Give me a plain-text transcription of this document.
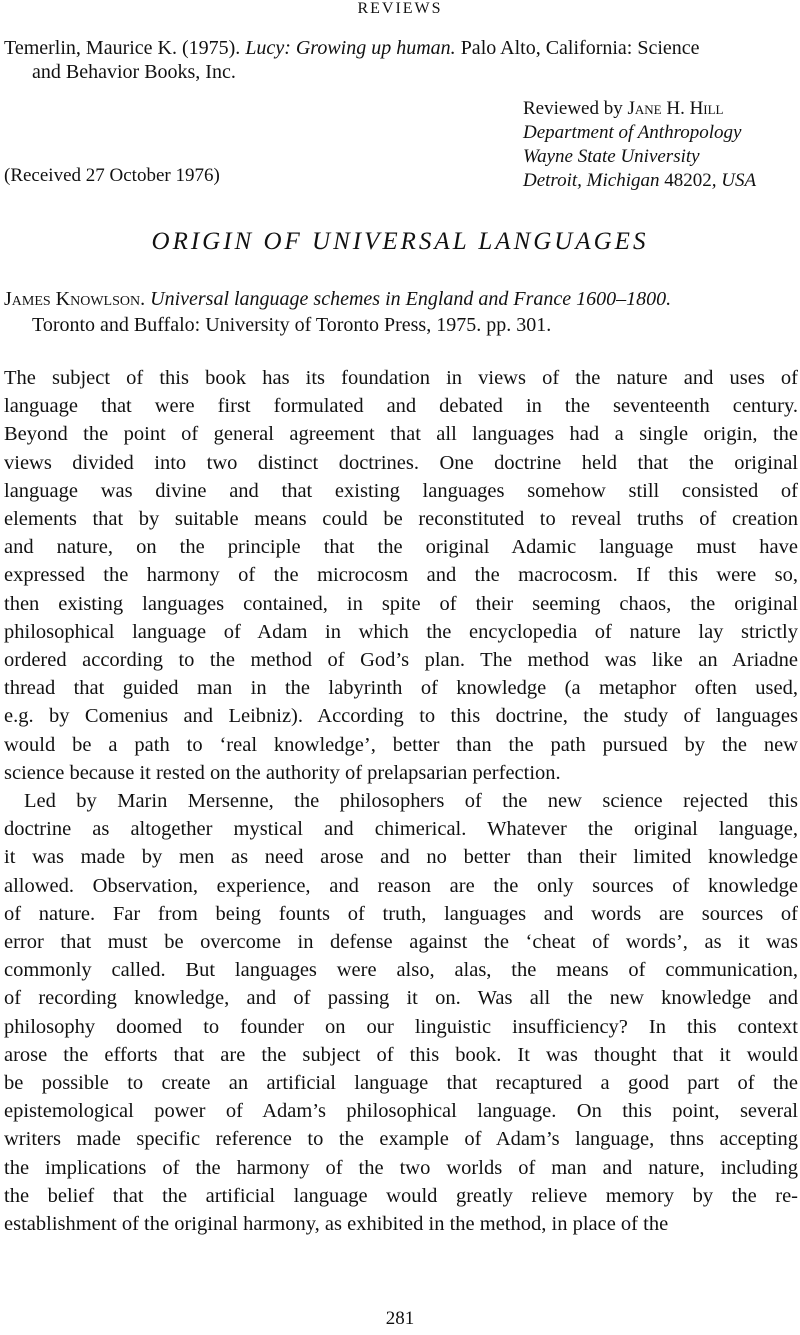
REVIEWS
Temerlin, Maurice K. (1975). Lucy: Growing up human. Palo Alto, California: Science
and Behavior Books, Inc.
Reviewed by Jane H. Hill
Department of Anthropology
Wayne State University
Detroit, Michigan 48202, USA
(Received 27 October 1976)
ORIGIN OF UNIVERSAL LANGUAGES
James Knowlson. Universal language schemes in England and France 1600–1800.
Toronto and Buffalo: University of Toronto Press, 1975. pp. 301.
The subject of this book has its foundation in views of the nature and uses of
language that were first formulated and debated in the seventeenth century.
Beyond the point of general agreement that all languages had a single origin, the
views divided into two distinct doctrines. One doctrine held that the original
language was divine and that existing languages somehow still consisted of
elements that by suitable means could be reconstituted to reveal truths of creation
and nature, on the principle that the original Adamic language must have
expressed the harmony of the microcosm and the macrocosm. If this were so,
then existing languages contained, in spite of their seeming chaos, the original
philosophical language of Adam in which the encyclopedia of nature lay strictly
ordered according to the method of God’s plan. The method was like an Ariadne
thread that guided man in the labyrinth of knowledge (a metaphor often used,
e.g. by Comenius and Leibniz). According to this doctrine, the study of languages
would be a path to ‘real knowledge’, better than the path pursued by the new
science because it rested on the authority of prelapsarian perfection.
Led by Marin Mersenne, the philosophers of the new science rejected this
doctrine as altogether mystical and chimerical. Whatever the original language,
it was made by men as need arose and no better than their limited knowledge
allowed. Observation, experience, and reason are the only sources of knowledge
of nature. Far from being founts of truth, languages and words are sources of
error that must be overcome in defense against the ‘cheat of words’, as it was
commonly called. But languages were also, alas, the means of communication,
of recording knowledge, and of passing it on. Was all the new knowledge and
philosophy doomed to founder on our linguistic insufficiency? In this context
arose the efforts that are the subject of this book. It was thought that it would
be possible to create an artificial language that recaptured a good part of the
epistemological power of Adam’s philosophical language. On this point, several
writers made specific reference to the example of Adam’s language, thns accepting
the implications of the harmony of the two worlds of man and nature, including
the belief that the artificial language would greatly relieve memory by the re-
establishment of the original harmony, as exhibited in the method, in place of the
281
